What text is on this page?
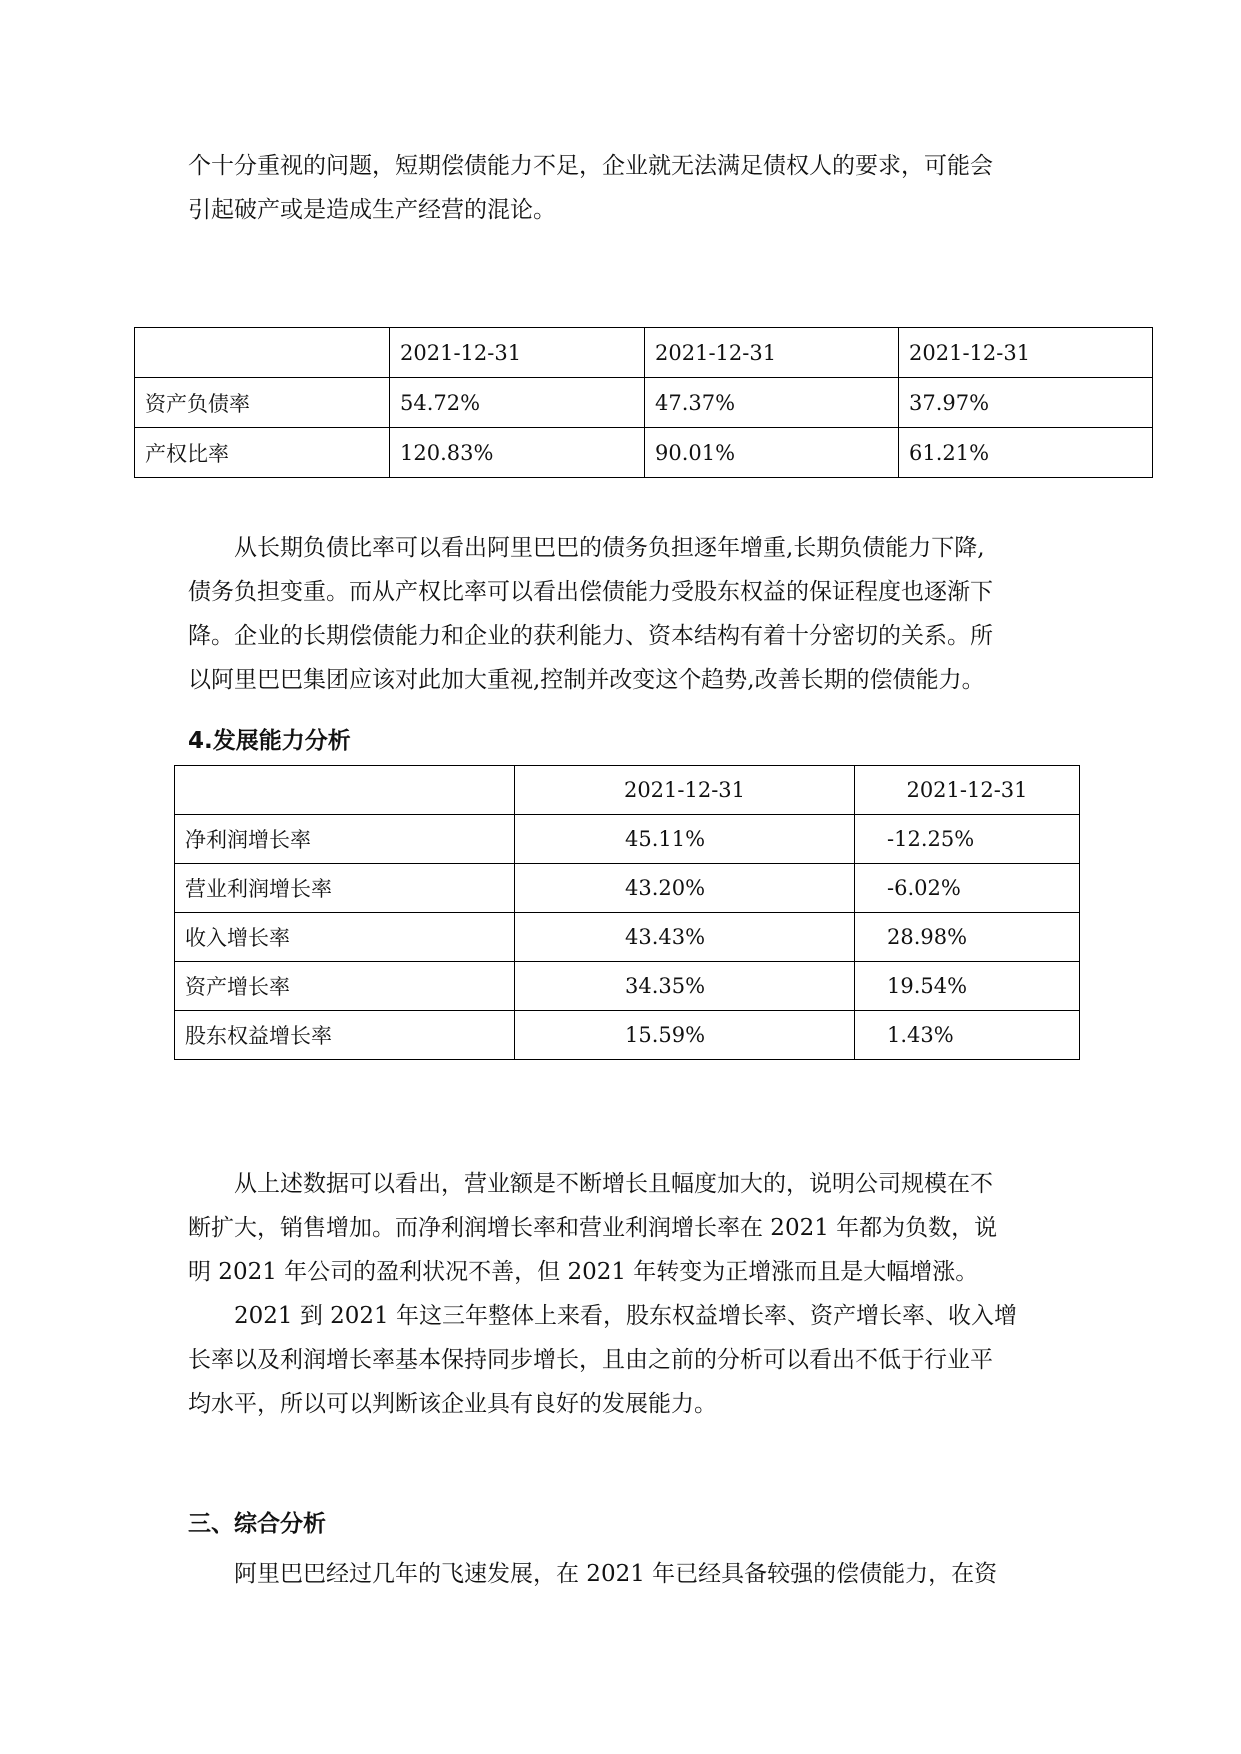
个十分重视的问题，短期偿债能力不足，企业就无法满足债权人的要求，可能会
引起破产或是造成生产经营的混论。
	2021-12-31	2021-12-31	2021-12-31
资产负债率	54.72%	47.37%	37.97%
产权比率	120.83%	90.01%	61.21%
从长期负债比率可以看出阿里巴巴的债务负担逐年增重,长期负债能力下降,
债务负担变重。而从产权比率可以看出偿债能力受股东权益的保证程度也逐渐下
降。企业的长期偿债能力和企业的获利能力、资本结构有着十分密切的关系。所
以阿里巴巴集团应该对此加大重视,控制并改变这个趋势,改善长期的偿债能力。
4.发展能力分析
	2021-12-31	2021-12-31
净利润增长率	45.11%	-12.25%
营业利润增长率	43.20%	-6.02%
收入增长率	43.43%	28.98%
资产增长率	34.35%	19.54%
股东权益增长率	15.59%	1.43%
从上述数据可以看出，营业额是不断增长且幅度加大的，说明公司规模在不
断扩大，销售增加。而净利润增长率和营业利润增长率在 2021 年都为负数，说
明 2021 年公司的盈利状况不善，但 2021 年转变为正增涨而且是大幅增涨。
2021 到 2021 年这三年整体上来看，股东权益增长率、资产增长率、收入增
长率以及利润增长率基本保持同步增长，且由之前的分析可以看出不低于行业平
均水平，所以可以判断该企业具有良好的发展能力。
三、综合分析
阿里巴巴经过几年的飞速发展，在 2021 年已经具备较强的偿债能力，在资
